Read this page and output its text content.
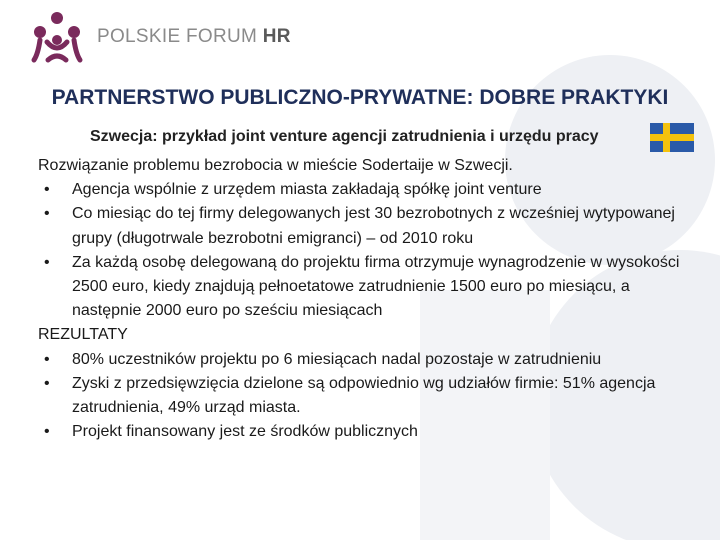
POLSKIE FORUM HR
PARTNERSTWO PUBLICZNO-PRYWATNE: DOBRE PRAKTYKI
Szwecja: przykład joint venture agencji zatrudnienia i urzędu pracy

Rozwiązanie problemu bezrobocia w mieście Sodertaije w Szwecji.

• Agencja wspólnie z urzędem miasta zakładają spółkę joint venture
• Co miesiąc do tej firmy delegowanych jest 30 bezrobotnych z wcześniej wytypowanej grupy (długotrwale bezrobotni emigranci) – od 2010 roku
• Za każdą osobę delegowaną do projektu firma otrzymuje wynagrodzenie w wysokości 2500 euro, kiedy znajdują pełnoetatowe zatrudnienie 1500 euro po miesiącu, a następnie 2000 euro po sześciu miesiącach

REZULTATY

• 80% uczestników projektu po 6 miesiącach nadal pozostaje w zatrudnieniu
• Zyski z przedsięwzięcia dzielone są odpowiednio wg udziałów firmie: 51% agencja zatrudnienia, 49% urząd miasta.
• Projekt finansowany jest ze środków publicznych
